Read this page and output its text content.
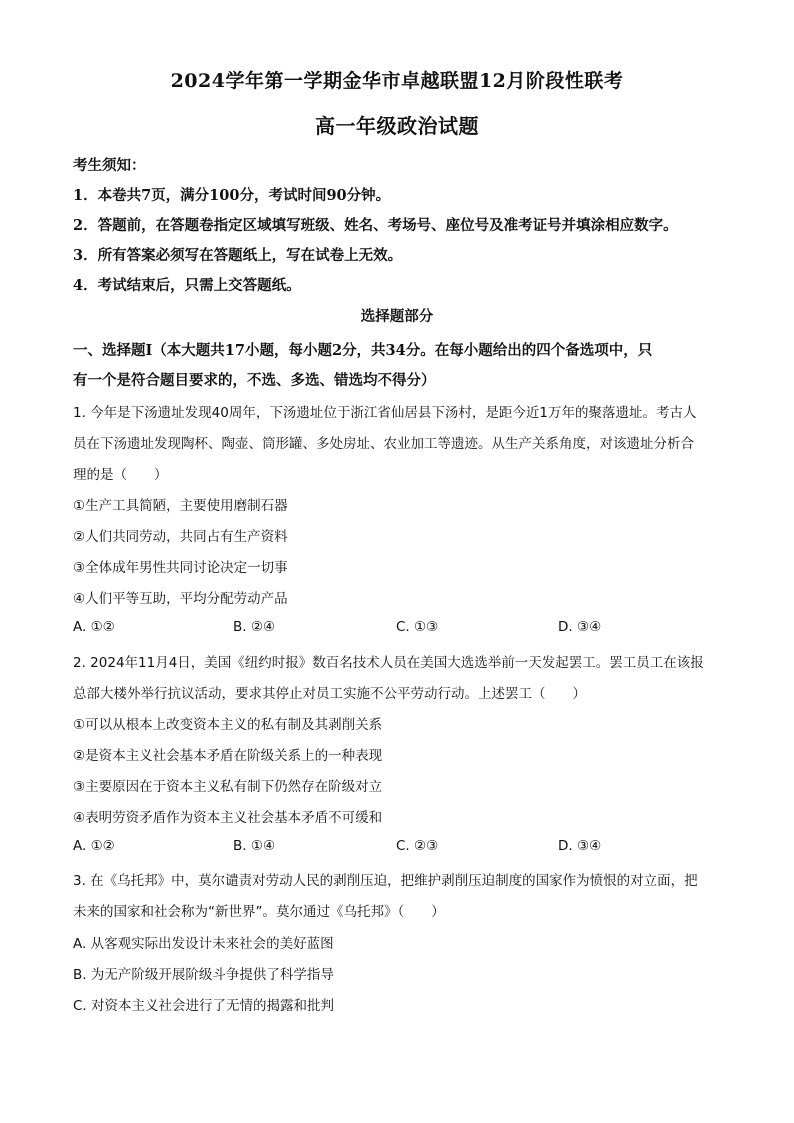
2024学年第一学期金华市卓越联盟12月阶段性联考
高一年级政治试题
考生须知：
1．本卷共7页，满分100分，考试时间90分钟。
2．答题前，在答题卷指定区域填写班级、姓名、考场号、座位号及准考证号并填涂相应数字。
3．所有答案必须写在答题纸上，写在试卷上无效。
4．考试结束后，只需上交答题纸。
选择题部分
一、选择题Ⅰ（本大题共17小题，每小题2分，共34分。在每小题给出的四个备选项中，只
有一个是符合题目要求的，不选、多选、错选均不得分）
1. 今年是下汤遗址发现40周年，下汤遗址位于浙江省仙居县下汤村，是距今近1万年的聚落遗址。考古人
员在下汤遗址发现陶杯、陶壶、筒形罐、多处房址、农业加工等遗迹。从生产关系角度，对该遗址分析合
理的是（　　）
①生产工具简陋，主要使用磨制石器
②人们共同劳动，共同占有生产资料
③全体成年男性共同讨论决定一切事
④人们平等互助，平均分配劳动产品
A. ①②	B. ②④	C. ①③	D. ③④
2. 2024年11月4日，美国《纽约时报》数百名技术人员在美国大选选举前一天发起罢工。罢工员工在该报
总部大楼外举行抗议活动，要求其停止对员工实施不公平劳动行动。上述罢工（　　）
①可以从根本上改变资本主义的私有制及其剥削关系
②是资本主义社会基本矛盾在阶级关系上的一种表现
③主要原因在于资本主义私有制下仍然存在阶级对立
④表明劳资矛盾作为资本主义社会基本矛盾不可缓和
A. ①②	B. ①④	C. ②③	D. ③④
3. 在《乌托邦》中，莫尔谴责对劳动人民的剥削压迫，把维护剥削压迫制度的国家作为愤恨的对立面，把
未来的国家和社会称为“新世界”。莫尔通过《乌托邦》（　　）
A. 从客观实际出发设计未来社会的美好蓝图
B. 为无产阶级开展阶级斗争提供了科学指导
C. 对资本主义社会进行了无情的揭露和批判
